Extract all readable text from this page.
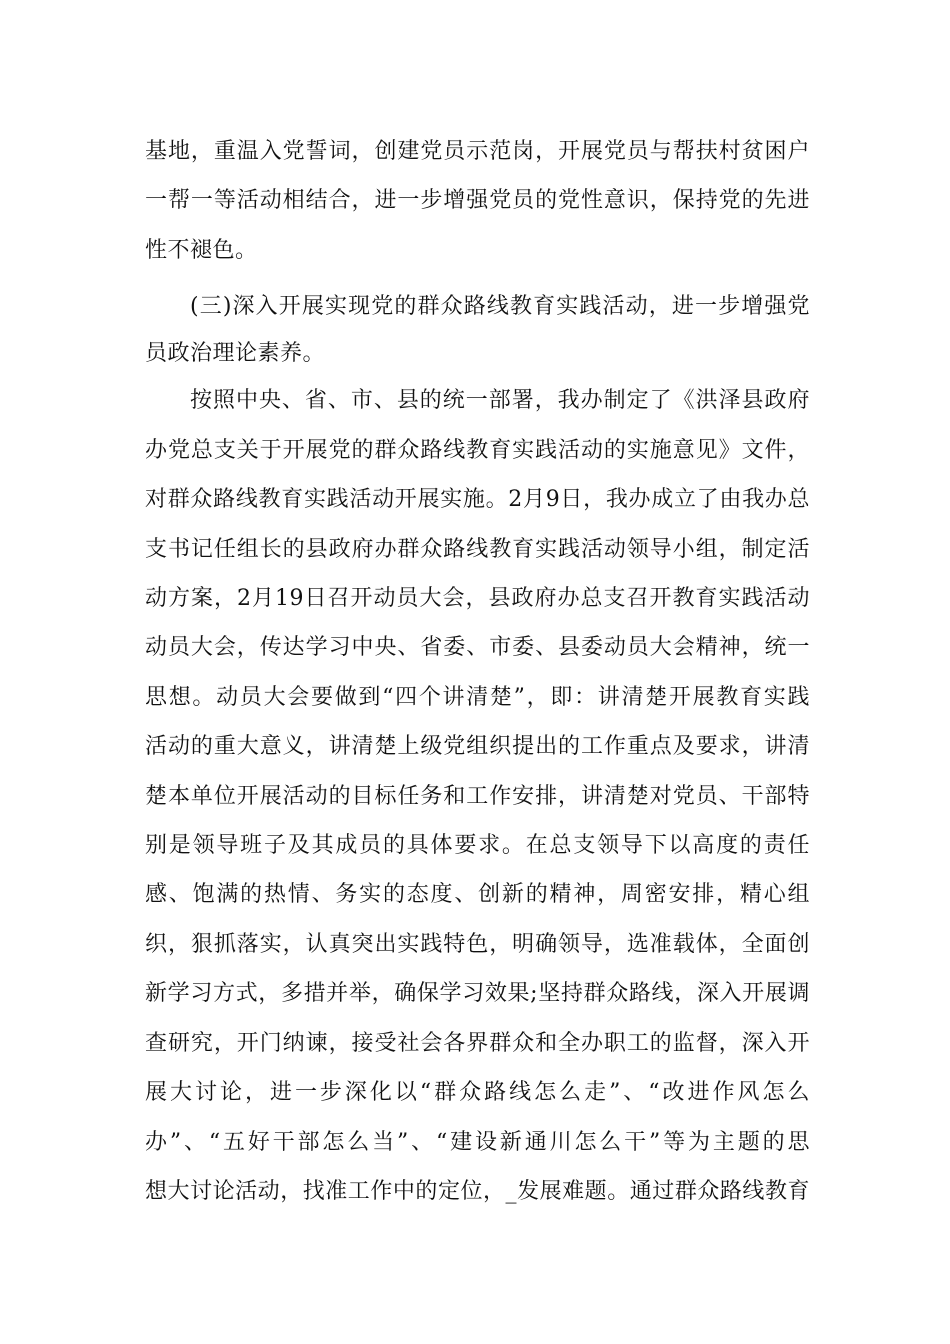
基地，重温入党誓词，创建党员示范岗，开展党员与帮扶村贫困户
一帮一等活动相结合，进一步增强党员的党性意识，保持党的先进
性不褪色。
(三)深入开展实现党的群众路线教育实践活动，进一步增强党
员政治理论素养。
按照中央、省、市、县的统一部署，我办制定了《洪泽县政府
办党总支关于开展党的群众路线教育实践活动的实施意见》文件，
对群众路线教育实践活动开展实施。2月9日，我办成立了由我办总
支书记任组长的县政府办群众路线教育实践活动领导小组，制定活
动方案，2月19日召开动员大会，县政府办总支召开教育实践活动
动员大会，传达学习中央、省委、市委、县委动员大会精神，统一
思想。动员大会要做到“四个讲清楚”，即：讲清楚开展教育实践
活动的重大意义，讲清楚上级党组织提出的工作重点及要求，讲清
楚本单位开展活动的目标任务和工作安排，讲清楚对党员、干部特
别是领导班子及其成员的具体要求。在总支领导下以高度的责任
感、饱满的热情、务实的态度、创新的精神，周密安排，精心组
织，狠抓落实，认真突出实践特色，明确领导，选准载体，全面创
新学习方式，多措并举，确保学习效果;坚持群众路线，深入开展调
查研究，开门纳谏，接受社会各界群众和全办职工的监督，深入开
展大讨论，进一步深化以“群众路线怎么走”、“改进作风怎么
办”、“五好干部怎么当”、“建设新通川怎么干”等为主题的思
想大讨论活动，找准工作中的定位，_发展难题。通过群众路线教育
